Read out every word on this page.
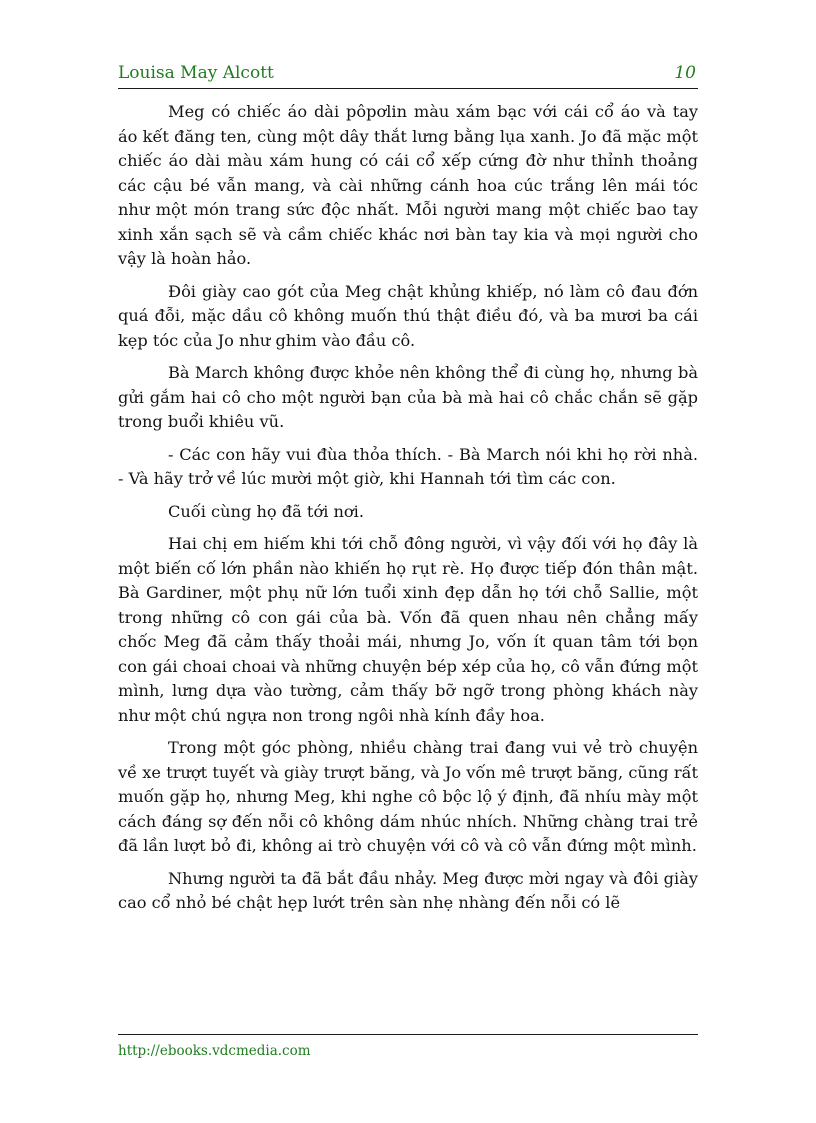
Louisa May Alcott	10

Meg có chiếc áo dài pôpơlin màu xám bạc với cái cổ áo và tay áo kết đăng ten, cùng một dây thắt lưng bằng lụa xanh. Jo đã mặc một chiếc áo dài màu xám hung có cái cổ xếp cứng đờ như thỉnh thoảng các cậu bé vẫn mang, và cài những cánh hoa cúc trắng lên mái tóc như một món trang sức độc nhất. Mỗi người mang một chiếc bao tay xinh xắn sạch sẽ và cầm chiếc khác nơi bàn tay kia và mọi người cho vậy là hoàn hảo.

Đôi giày cao gót của Meg chật khủng khiếp, nó làm cô đau đớn quá đỗi, mặc dầu cô không muốn thú thật điều đó, và ba mươi ba cái kẹp tóc của Jo như ghim vào đầu cô.

Bà March không được khỏe nên không thể đi cùng họ, nhưng bà gửi gắm hai cô cho một người bạn của bà mà hai cô chắc chắn sẽ gặp trong buổi khiêu vũ.

- Các con hãy vui đùa thỏa thích. - Bà March nói khi họ rời nhà. - Và hãy trở về lúc mười một giờ, khi Hannah tới tìm các con.

Cuối cùng họ đã tới nơi.

Hai chị em hiếm khi tới chỗ đông người, vì vậy đối với họ đây là một biến cố lớn phần nào khiến họ rụt rè. Họ được tiếp đón thân mật. Bà Gardiner, một phụ nữ lớn tuổi xinh đẹp dẫn họ tới chỗ Sallie, một trong những cô con gái của bà. Vốn đã quen nhau nên chẳng mấy chốc Meg đã cảm thấy thoải mái, nhưng Jo, vốn ít quan tâm tới bọn con gái choai choai và những chuyện bép xép của họ, cô vẫn đứng một mình, lưng dựa vào tường, cảm thấy bỡ ngỡ trong phòng khách này như một chú ngựa non trong ngôi nhà kính đầy hoa.

Trong một góc phòng, nhiều chàng trai đang vui vẻ trò chuyện về xe trượt tuyết và giày trượt băng, và Jo vốn mê trượt băng, cũng rất muốn gặp họ, nhưng Meg, khi nghe cô bộc lộ ý định, đã nhíu mày một cách đáng sợ đến nỗi cô không dám nhúc nhích. Những chàng trai trẻ đã lần lượt bỏ đi, không ai trò chuyện với cô và cô vẫn đứng một mình.

Nhưng người ta đã bắt đầu nhảy. Meg được mời ngay và đôi giày cao cổ nhỏ bé chật hẹp lướt trên sàn nhẹ nhàng đến nỗi có lẽ

http://ebooks.vdcmedia.com
